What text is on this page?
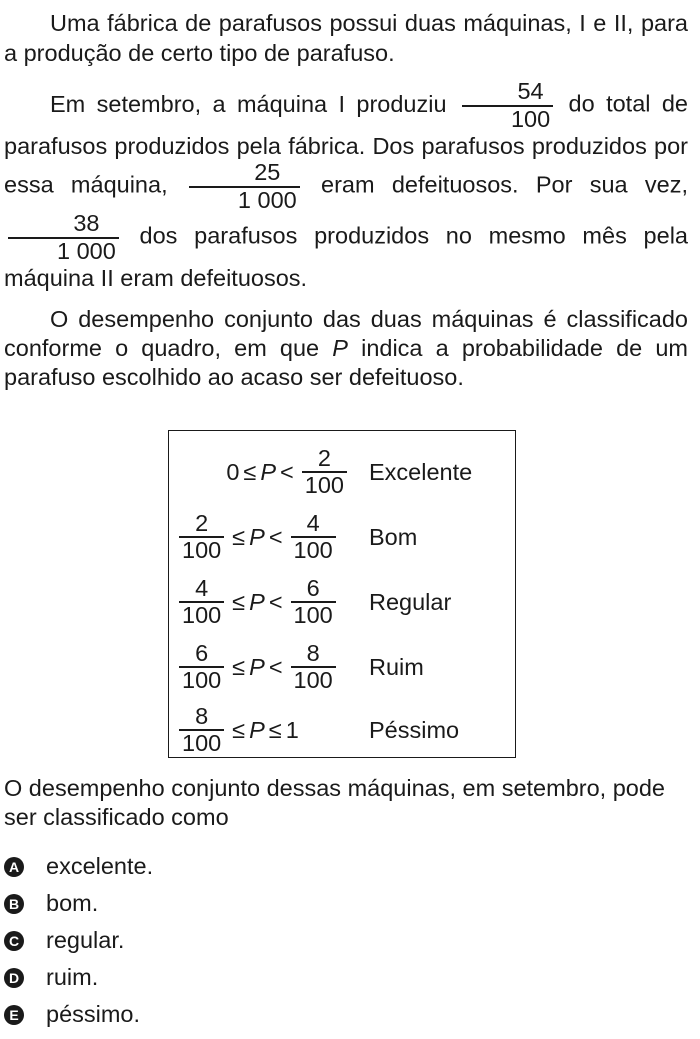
Uma fábrica de parafusos possui duas máquinas, I e II, para a produção de certo tipo de parafuso.

Em setembro, a máquina I produziu $\frac{54}{100}$ do total de parafusos produzidos pela fábrica. Dos parafusos produzidos por essa máquina, $\frac{25}{1 000}$ eram defeituosos. Por sua vez,
$\frac{38}{1 000}$ dos parafusos produzidos no mesmo mês pela máquina II eram defeituosos.

O desempenho conjunto das duas máquinas é classificado conforme o quadro, em que P indica a probabilidade de um parafuso escolhido ao acaso ser defeituoso.

$0 \le P < \frac{2}{100}$ Excelente
$\frac{2}{100} \le P < \frac{4}{100}$	Bom
$\frac{4}{100} \le P < \frac{6}{100}$	Regular
$\frac{6}{100} \le P < \frac{8}{100}$	Ruim
$\frac{8}{100} \le P \le 1$	Péssimo
O desempenho conjunto dessas máquinas, em setembro, pode ser classificado como
A excelente.
B bom.
C regular.
D ruim.
E péssimo.
